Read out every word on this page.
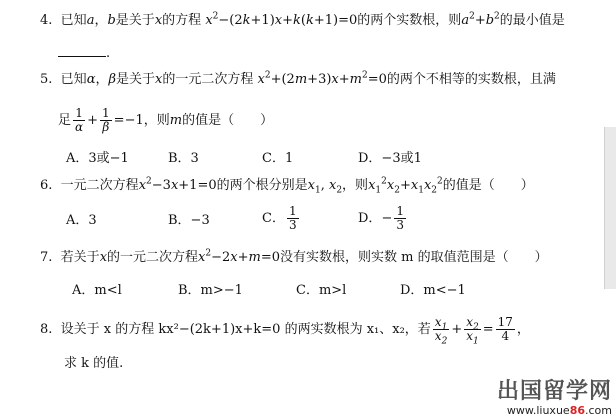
4. 已知a，b是关于x的方程 $x^2-(2k+1)x+k(k+1)=0$的两个实数根，则$a^2+b^2$的最小值是
.
5. 已知α，β是关于x的一元二次方程 $x^2+(2m+3)x+m^2=0$的两个不相等的实数根，且满
足 $\frac{1}{\alpha} + \frac{1}{\beta} =-1$，则m的值是（　　）
A．3或−1	B．3	C．1	D．−3或1
6. 一元二次方程$x^2-3x+1=0$的两个根分别是$x_1$, $x_2$，则$x_1^2x_2+x_1x_2^2$的值是（　　）
A．3	B．−3	C． $\frac{1}{3}$	D．− $\frac{1}{3}$
7. 若关于x的一元二次方程$x^2-2x+m=0$没有实数根，则实数 m 的取值范围是（　　）
A．m<l	B．m>−1	C．m>l	D．m<−1
8. 设关于 x 的方程 kx²−(2k+1)x+k=0 的两实数根为 x₁、x₂，若 $\frac{x_1}{x_2} + \frac{x_2}{x_1} = \frac{17}{4}$ ，
求 k 的值.
出国留学网
www.liuxue86.com
